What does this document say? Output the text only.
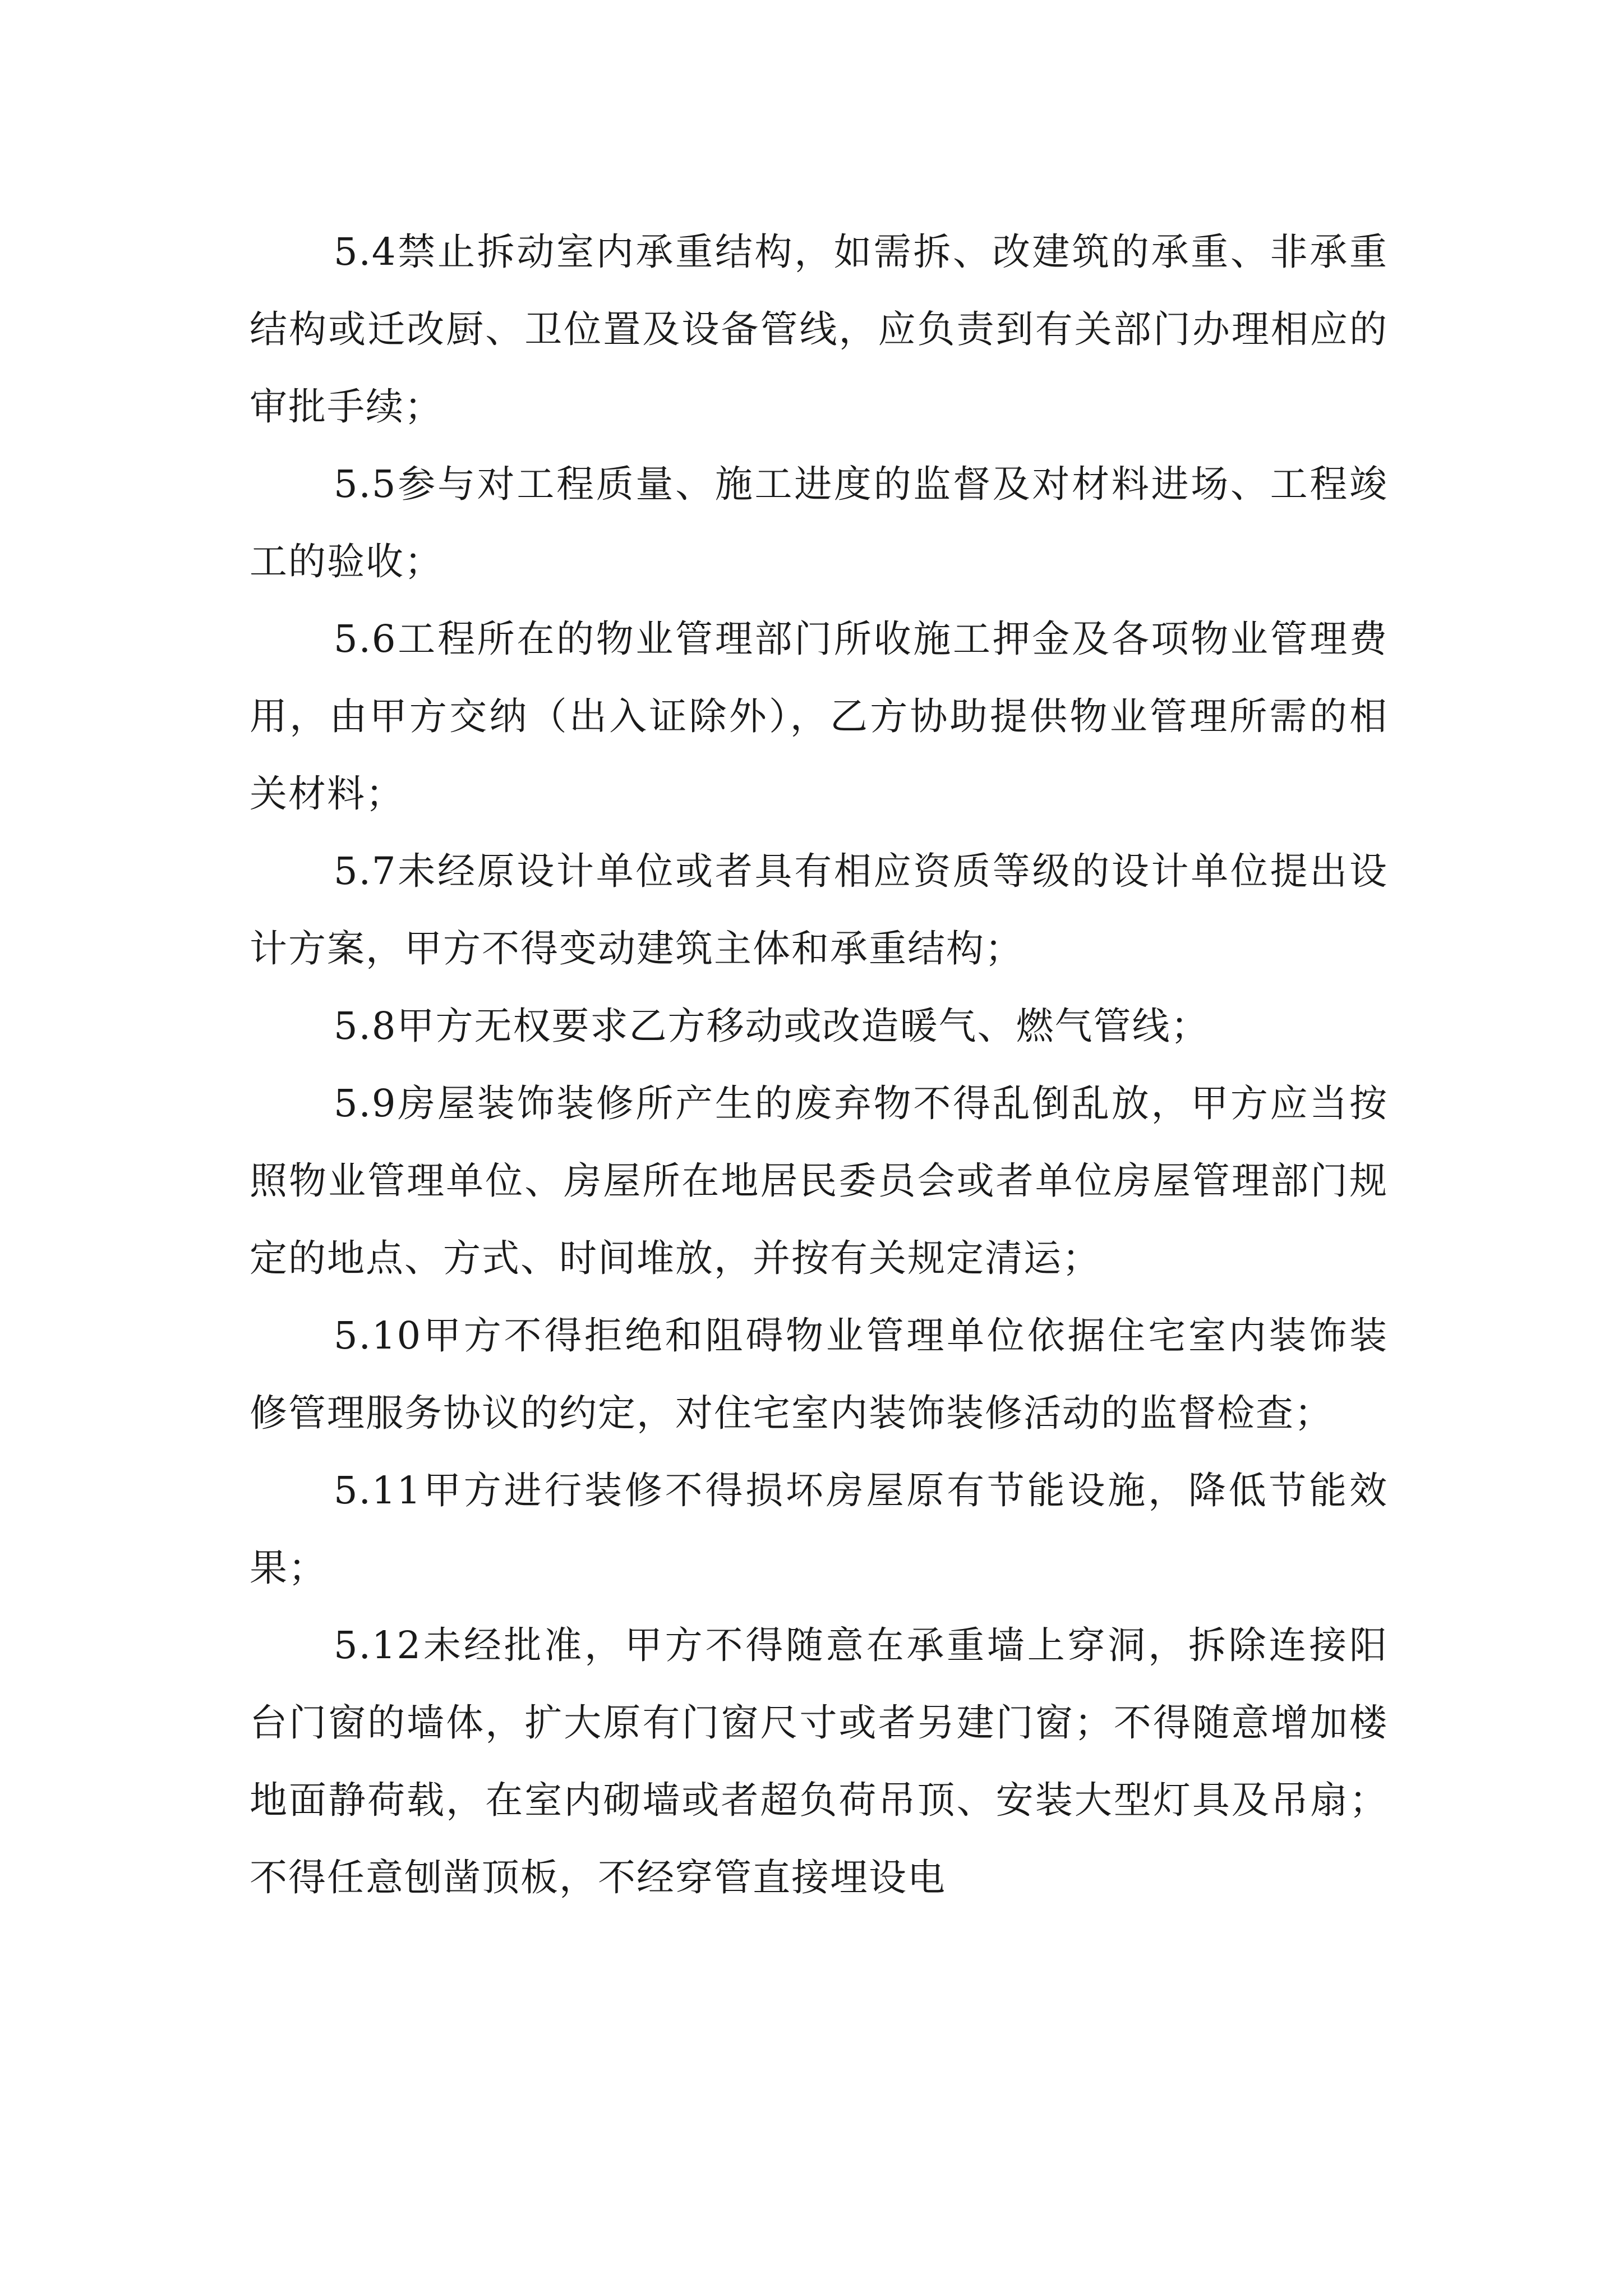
5.4禁止拆动室内承重结构，如需拆、改建筑的承重、非承重结构或迁改厨、卫位置及设备管线，应负责到有关部门办理相应的审批手续；

5.5参与对工程质量、施工进度的监督及对材料进场、工程竣工的验收；

5.6工程所在的物业管理部门所收施工押金及各项物业管理费用，由甲方交纳（出入证除外），乙方协助提供物业管理所需的相关材料；

5.7未经原设计单位或者具有相应资质等级的设计单位提出设计方案，甲方不得变动建筑主体和承重结构；

5.8甲方无权要求乙方移动或改造暖气、燃气管线；

5.9房屋装饰装修所产生的废弃物不得乱倒乱放，甲方应当按照物业管理单位、房屋所在地居民委员会或者单位房屋管理部门规定的地点、方式、时间堆放，并按有关规定清运；

5.10甲方不得拒绝和阻碍物业管理单位依据住宅室内装饰装修管理服务协议的约定，对住宅室内装饰装修活动的监督检查；

5.11甲方进行装修不得损坏房屋原有节能设施，降低节能效果；

5.12未经批准，甲方不得随意在承重墙上穿洞，拆除连接阳台门窗的墙体，扩大原有门窗尺寸或者另建门窗；不得随意增加楼地面静荷载，在室内砌墙或者超负荷吊顶、安装大型灯具及吊扇；不得任意刨凿顶板，不经穿管直接埋设电
